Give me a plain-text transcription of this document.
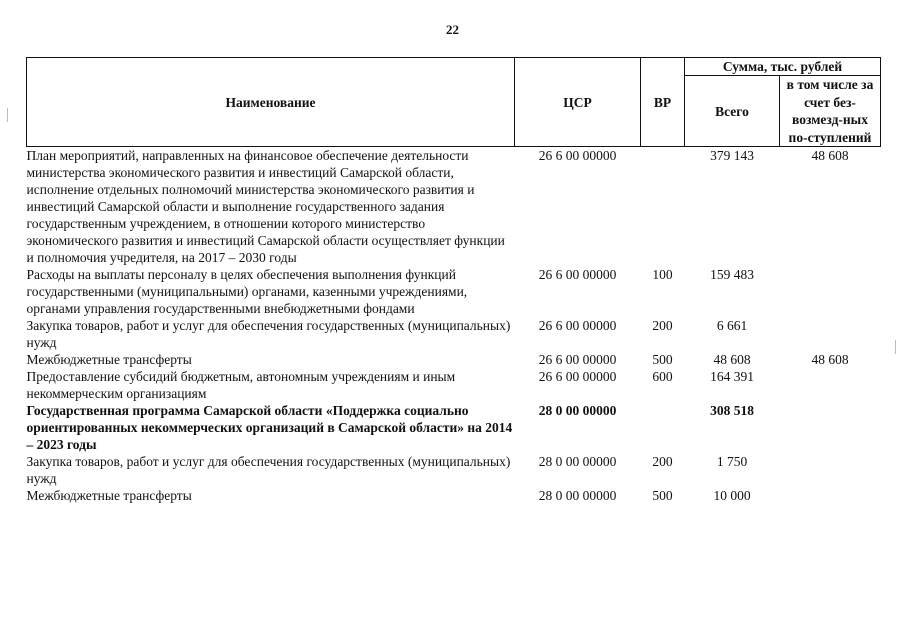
22
Наименование	ЦСР	ВР	Сумма, тыс. рублей	
			Всего	в том числе за счет без-возмезд-ных по-ступлений
План мероприятий, направленных на финансовое обеспечение деятельности министерства экономического развития и инвестиций Самарской области, исполнение отдельных полномочий министерства экономического развития и инвестиций Самарской области и выполнение государственного задания государственным учреждением, в отношении которого министерство экономического развития и инвестиций Самарской области осуществляет функции и полномочия учредителя, на 2017 – 2030 годы	26 6 00 00000		379 143	48 608
Расходы на выплаты персоналу в целях обеспечения выполнения функций государственными (муниципальными) органами, казенными учреждениями, органами управления государственными внебюджетными фондами	26 6 00 00000	100	159 483	
Закупка товаров, работ и услуг для обеспечения государственных (муниципальных) нужд	26 6 00 00000	200	6 661	
Межбюджетные трансферты	26 6 00 00000	500	48 608	48 608
Предоставление субсидий бюджетным, автономным учреждениям и иным некоммерческим организациям	26 6 00 00000	600	164 391	
Государственная программа Самарской области «Поддержка социально ориентированных некоммерческих организаций в Самарской области» на 2014 – 2023 годы	28 0 00 00000		308 518	
Закупка товаров, работ и услуг для обеспечения государственных (муниципальных) нужд	28 0 00 00000	200	1 750	
Межбюджетные трансферты	28 0 00 00000	500	10 000	
